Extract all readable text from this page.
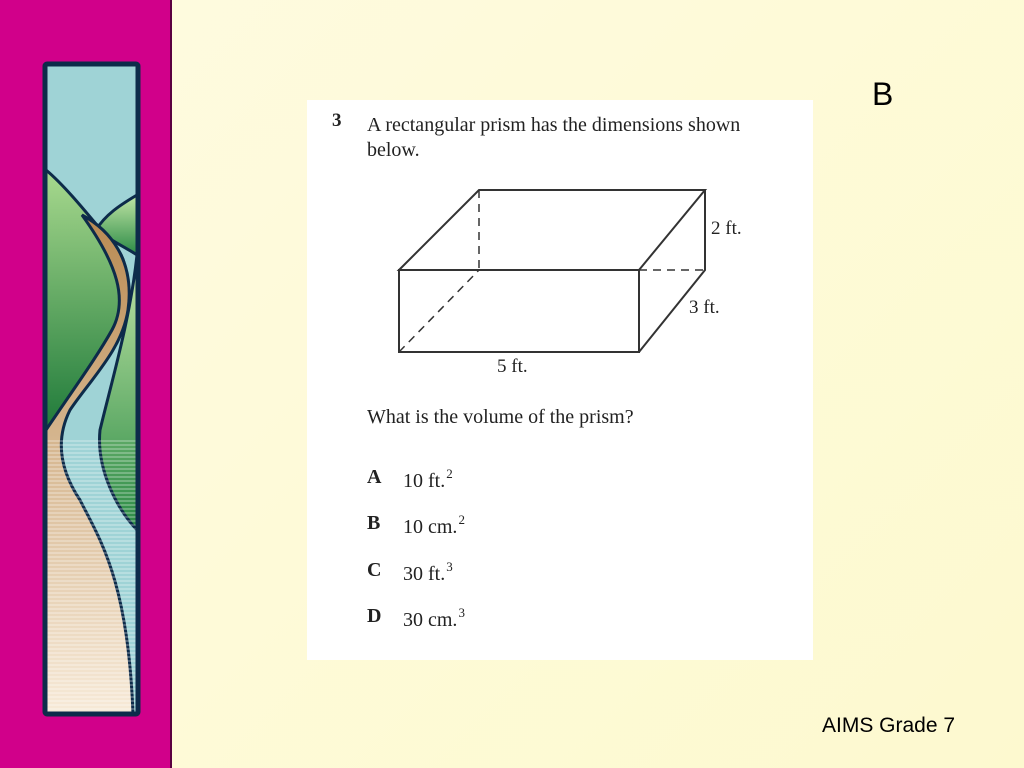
B
3 A rectangular prism has the dimensions shown below.
2 ft.
3 ft.
5 ft.
What is the volume of the prism?
A	10 ft.$^2$
B	10 cm.$^2$
C	30 ft.$^3$
D	30 cm.$^3$
AIMS Grade 7
